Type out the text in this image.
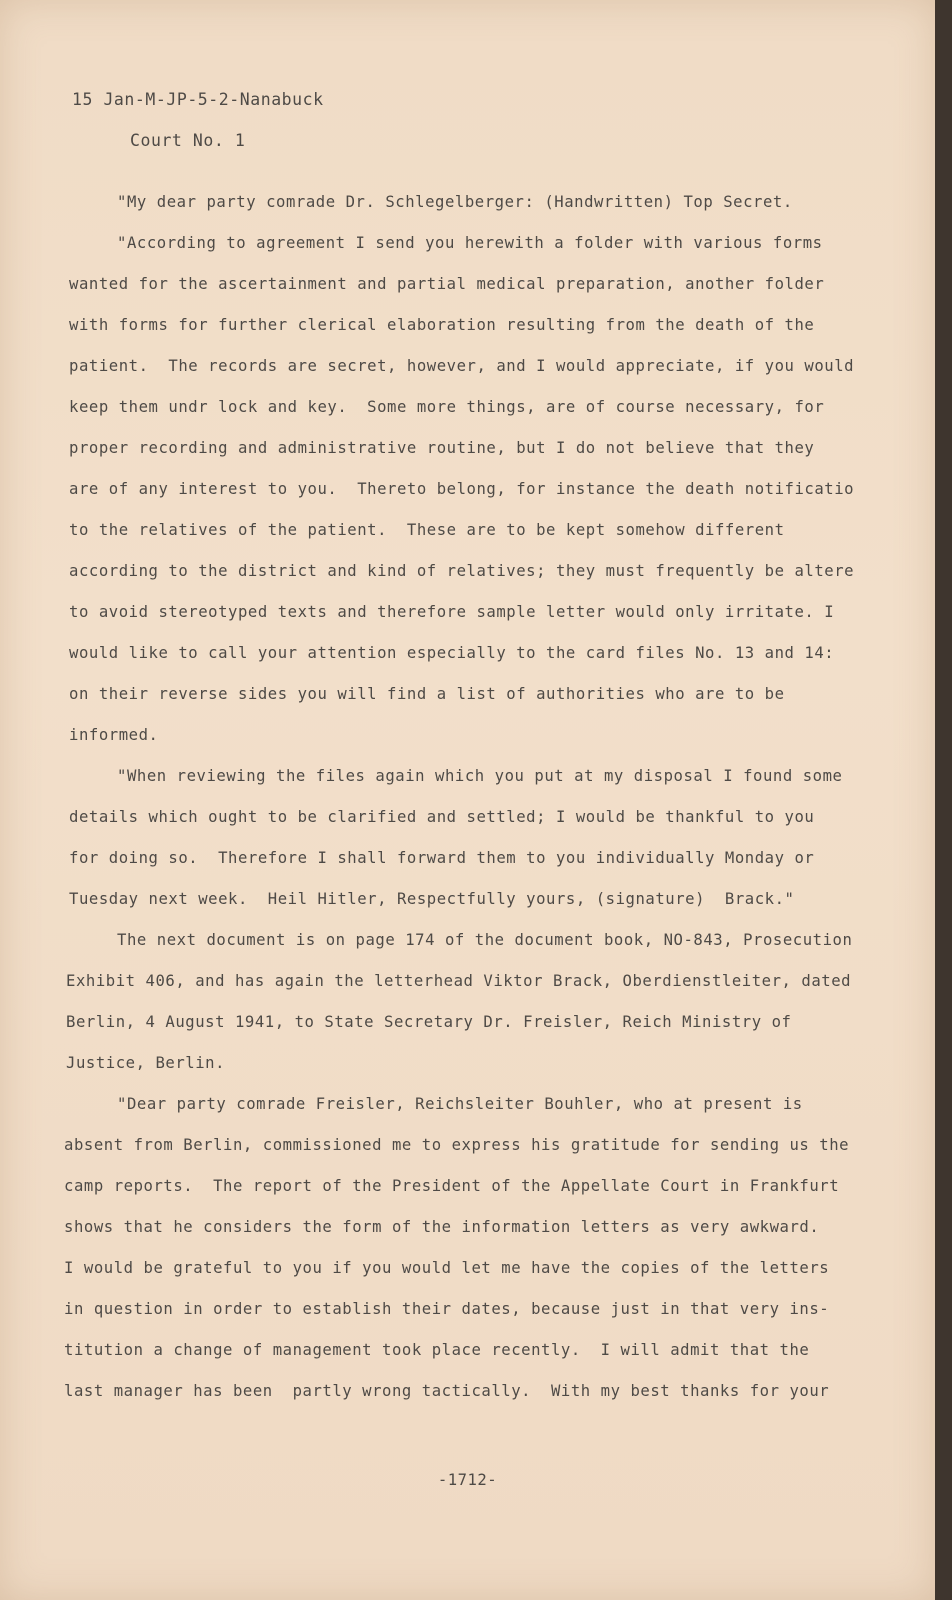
15 Jan-M-JP-5-2-Nanabuck
Court No. 1
"My dear party comrade Dr. Schlegelberger: (Handwritten) Top Secret.
"According to agreement I send you herewith a folder with various forms
wanted for the ascertainment and partial medical preparation, another folder
with forms for further clerical elaboration resulting from the death of the
patient.  The records are secret, however, and I would appreciate, if you would
keep them undr lock and key.  Some more things, are of course necessary, for
proper recording and administrative routine, but I do not believe that they
are of any interest to you.  Thereto belong, for instance the death notificatio
to the relatives of the patient.  These are to be kept somehow different
according to the district and kind of relatives; they must frequently be altere
to avoid stereotyped texts and therefore sample letter would only irritate. I
would like to call your attention especially to the card files No. 13 and 14:
on their reverse sides you will find a list of authorities who are to be
informed.
"When reviewing the files again which you put at my disposal I found some
details which ought to be clarified and settled; I would be thankful to you
for doing so.  Therefore I shall forward them to you individually Monday or
Tuesday next week.  Heil Hitler, Respectfully yours, (signature)  Brack."
The next document is on page 174 of the document book, NO-843, Prosecution
Exhibit 406, and has again the letterhead Viktor Brack, Oberdienstleiter, dated
Berlin, 4 August 1941, to State Secretary Dr. Freisler, Reich Ministry of
Justice, Berlin.
"Dear party comrade Freisler, Reichsleiter Bouhler, who at present is
absent from Berlin, commissioned me to express his gratitude for sending us the
camp reports.  The report of the President of the Appellate Court in Frankfurt
shows that he considers the form of the information letters as very awkward.
I would be grateful to you if you would let me have the copies of the letters
in question in order to establish their dates, because just in that very ins-
titution a change of management took place recently.  I will admit that the
last manager has been  partly wrong tactically.  With my best thanks for your
-1712-
